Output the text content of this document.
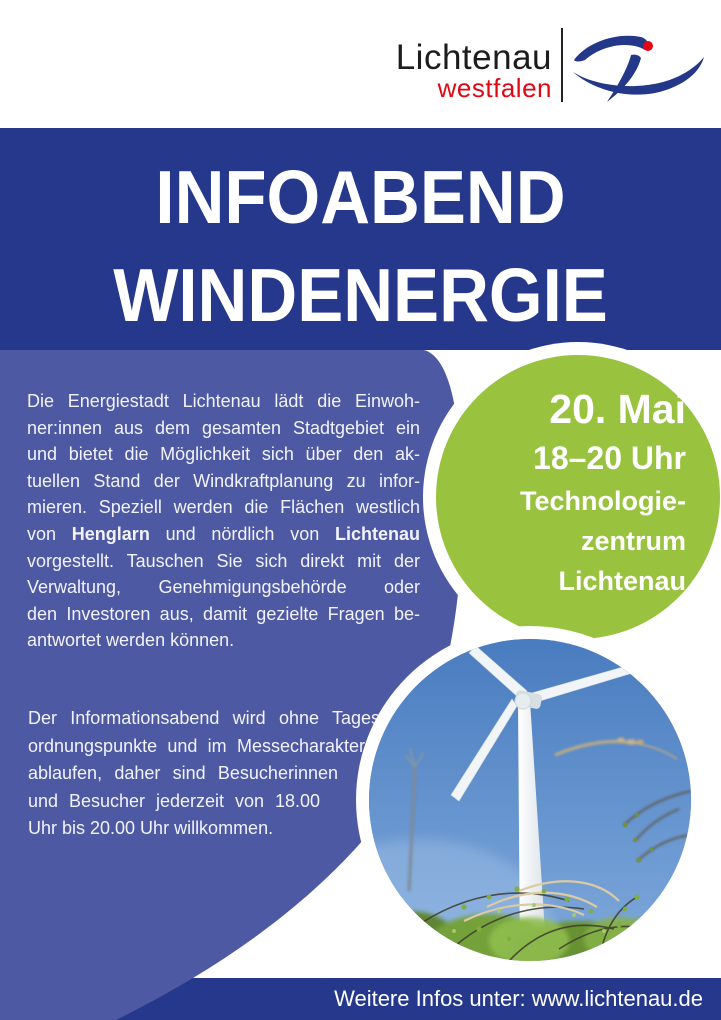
Lichtenau
westfalen
INFOABEND
WINDENERGIE
Weitere Infos unter: www.lichtenau.de
Die Energiestadt Lichtenau lädt die Einwoh-
ner:innen aus dem gesamten Stadtgebiet ein
und bietet die Möglichkeit sich über den ak-
tuellen Stand der Windkraftplanung zu infor-
mieren. Speziell werden die Flächen westlich
von Henglarn und nördlich von Lichtenau
vorgestellt. Tauschen Sie sich direkt mit der
Verwaltung, Genehmigungsbehörde oder
den Investoren aus, damit gezielte Fragen be-
antwortet werden können.
Der Informationsabend wird ohne Tages-
ordnungspunkte und im Messecharakter
ablaufen, daher sind Besucherinnen
und Besucher jederzeit von 18.00
Uhr bis 20.00 Uhr willkommen.
20. Mai
18–20 Uhr
Technologie-
zentrum
Lichtenau
